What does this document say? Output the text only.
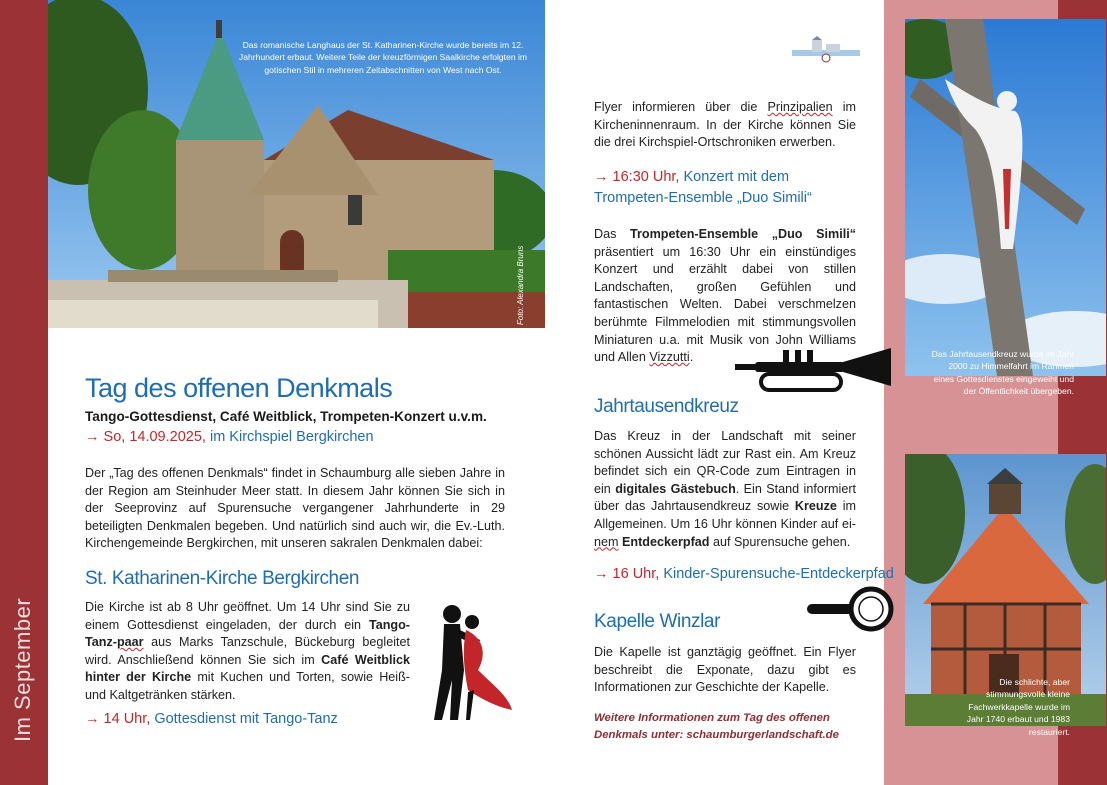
Im September
Das romanische Langhaus der St. Katharinen-Kirche wurde bereits im 12. Jahrhundert erbaut. Weitere Teile der kreuzförmigen Saalkirche erfolgten im gotischen Stil in mehreren Zeitabschnitten von West nach Ost.
Foto: Alexandra Bruns
Tag des offenen Denkmals
Tango-Gottesdienst, Café Weitblick, Trompeten-Konzert u.v.m.
→ So, 14.09.2025, im Kirchspiel Bergkirchen
Der „Tag des offenen Denkmals“ findet in Schaumburg alle sieben Jahre in der Region am Steinhuder Meer statt. In diesem Jahr können Sie sich in der Seeprovinz auf Spurensuche vergangener Jahrhunderte in 29 beteiligten Denkmalen begeben. Und natürlich sind auch wir, die Ev.-Luth. Kirchengemeinde Bergkirchen, mit unseren sakralen Denkmalen dabei:
St. Katharinen-Kirche Bergkirchen
Die Kirche ist ab 8 Uhr geöffnet. Um 14 Uhr sind Sie zu einem Gottesdienst eingeladen, der durch ein Tango-Tanz-paar aus Marks Tanzschule, Bückeburg begleitet wird. Anschließend können Sie sich im Café Weitblick hinter der Kirche mit Kuchen und Torten, sowie Heiß- und Kaltgetränken stärken.
→ 14 Uhr, Gottesdienst mit Tango-Tanz
Flyer informieren über die Prinzipalien im Kircheninnenraum. In der Kirche können Sie die drei Kirchspiel-Ortschroniken erwerben.
→ 16:30 Uhr, Konzert mit dem Trompeten-Ensemble „Duo Simili“
Das Trompeten-Ensemble „Duo Simili“ präsentiert um 16:30 Uhr ein einstündiges Konzert und erzählt dabei von stillen Landschaften, großen Gefühlen und fantastischen Welten. Dabei verschmelzen berühmte Filmmelodien mit stimmungsvollen Miniaturen u.a. mit Musik von John Williams und Allen Vizzutti.
Jahrtausendkreuz
Das Kreuz in der Landschaft mit seiner schönen Aussicht lädt zur Rast ein. Am Kreuz befindet sich ein QR-Code zum Eintragen in ein digitales Gästebuch. Ein Stand informiert über das Jahrtausendkreuz sowie Kreuze im Allgemeinen. Um 16 Uhr können Kinder auf ei-nem Entdeckerpfad auf Spurensuche gehen.
→ 16 Uhr, Kinder-Spurensuche-Entdeckerpfad
Kapelle Winzlar
Die Kapelle ist ganztägig geöffnet. Ein Flyer beschreibt die Exponate, dazu gibt es Informationen zur Geschichte der Kapelle.
Weitere Informationen zum Tag des offenen Denkmals unter: schaumburgerlandschaft.de
Das Jahrtausendkreuz wurde im Jahr 2000 zu Himmelfahrt im Rahmen eines Gottesdienstes eingeweiht und der Öffentlichkeit übergeben.
Die schlichte, aber stimmungsvolle kleine Fachwerkkapelle wurde im Jahr 1740 erbaut und 1983 restauriert.
